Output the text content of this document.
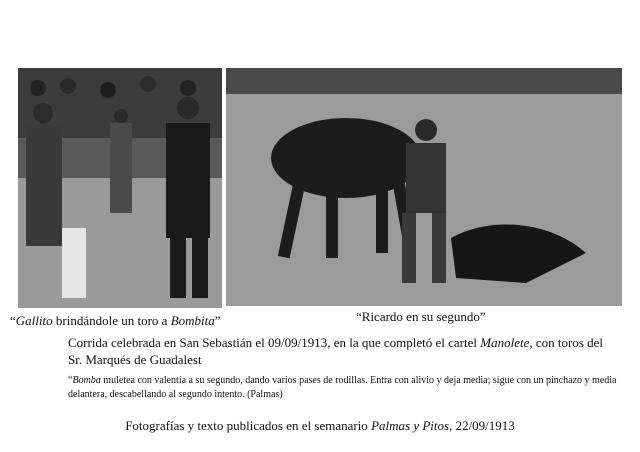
“Gallito brindándole un toro a Bombita”	“Ricardo en su segundo”
Corrida celebrada en San Sebastián el 09/09/1913, en la que completó el cartel Manolete, con toros del
Sr. Marqués de Guadalest
“Bomba muleteа con valentía a su segundo, dando varios pases de rodillas. Entra con alivio y deja media; sigue con un pinchazo y media delantera, descabellando al segundo intento. (Palmas)
Fotografías y texto publicados en el semanario Palmas y Pitos, 22/09/1913
